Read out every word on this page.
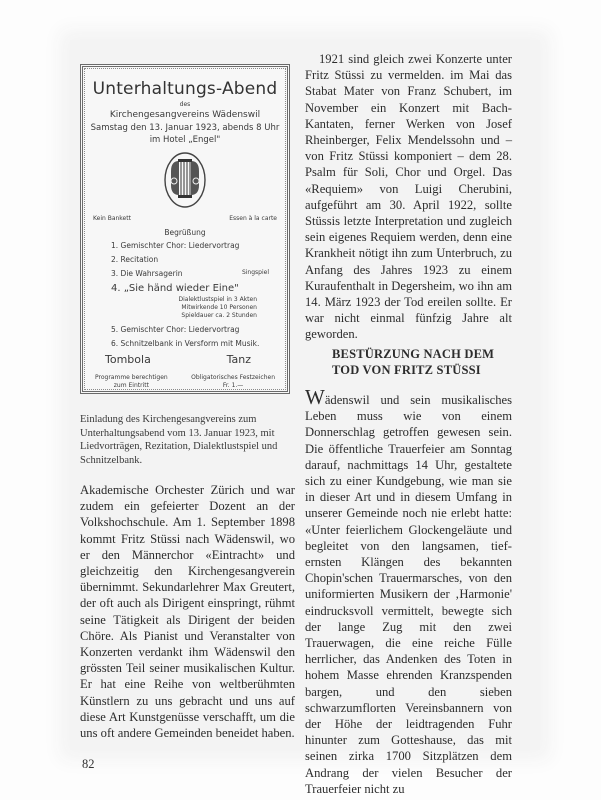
Unterhaltungs-Abend
des
Kirchengesangvereins Wädenswil
Samstag den 13. Januar 1923, abends 8 Uhr
im Hotel „Engel"
Kein Bankett	Essen à la carte
Begrüßung
1. Gemischter Chor: Liedervortrag
2. Recitation
3. Die Wahrsagerin	Singspiel
4. „Sie händ wieder Eine"
Dialektlustspiel in 3 Akten
Mitwirkende 10 Personen
Spieldauer ca. 2 Stunden
5. Gemischter Chor: Liedervortrag
6. Schnitzelbank in Versform mit Musik.
Tombola	Tanz
Programme berechtigen
zum Eintritt
Obligatorisches Festzeichen
Fr. 1.—
Einladung des Kirchengesangvereins zum Unterhaltungsabend vom 13. Januar 1923, mit Liedvorträgen, Rezitation, Dialektlustspiel und Schnitzelbank.

Akademische Orchester Zürich und war zudem ein gefeierter Dozent an der Volkshochschule. Am 1. September 1898 kommt Fritz Stüssi nach Wädenswil, wo er den Männerchor «Eintracht» und gleichzeitig den Kirchengesangverein übernimmt. Sekundarlehrer Max Greutert, der oft auch als Dirigent einspringt, rühmt seine Tätigkeit als Dirigent der beiden Chöre. Als Pianist und Veranstalter von Konzerten verdankt ihm Wädenswil den grössten Teil seiner musikalischen Kultur. Er hat eine Reihe von weltberühmten Künstlern zu uns gebracht und uns auf diese Art Kunstgenüsse verschafft, um die uns oft andere Gemeinden beneidet haben.

1921 sind gleich zwei Konzerte unter Fritz Stüssi zu vermelden. im Mai das Stabat Mater von Franz Schubert, im November ein Konzert mit Bach-Kantaten, ferner Werken von Josef Rheinberger, Felix Mendelssohn und – von Fritz Stüssi komponiert – dem 28. Psalm für Soli, Chor und Orgel. Das «Requiem» von Luigi Cherubini, aufgeführt am 30. April 1922, sollte Stüssis letzte Interpretation und zugleich sein eigenes Requiem werden, denn eine Krankheit nötigt ihn zum Unterbruch, zu Anfang des Jahres 1923 zu einem Kuraufenthalt in Degersheim, wo ihn am 14. März 1923 der Tod ereilen sollte. Er war nicht einmal fünfzig Jahre alt geworden.

BESTÜRZUNG NACH DEM TOD VON FRITZ STÜSSI

Wädenswil und sein musikalisches Leben muss wie von einem Donnerschlag getroffen gewesen sein. Die öffentliche Trauerfeier am Sonntag darauf, nachmittags 14 Uhr, gestaltete sich zu einer Kundgebung, wie man sie in dieser Art und in diesem Umfang in unserer Gemeinde noch nie erlebt hatte: «Unter feierlichem Glockengeläute und begleitet von den langsamen, tief-ernsten Klängen des bekannten Chopin'schen Trauermarsches, von den uniformierten Musikern der ‚Harmonie' eindrucksvoll vermittelt, bewegte sich der lange Zug mit den zwei Trauerwagen, die eine reiche Fülle herrlicher, das Andenken des Toten in hohem Masse ehrenden Kranzspenden bargen, und den sieben schwarzumflorten Vereinsbannern von der Höhe der leidtragenden Fuhr hinunter zum Gotteshause, das mit seinen zirka 1700 Sitzplätzen dem Andrang der vielen Besucher der Trauerfeier nicht zu

82
